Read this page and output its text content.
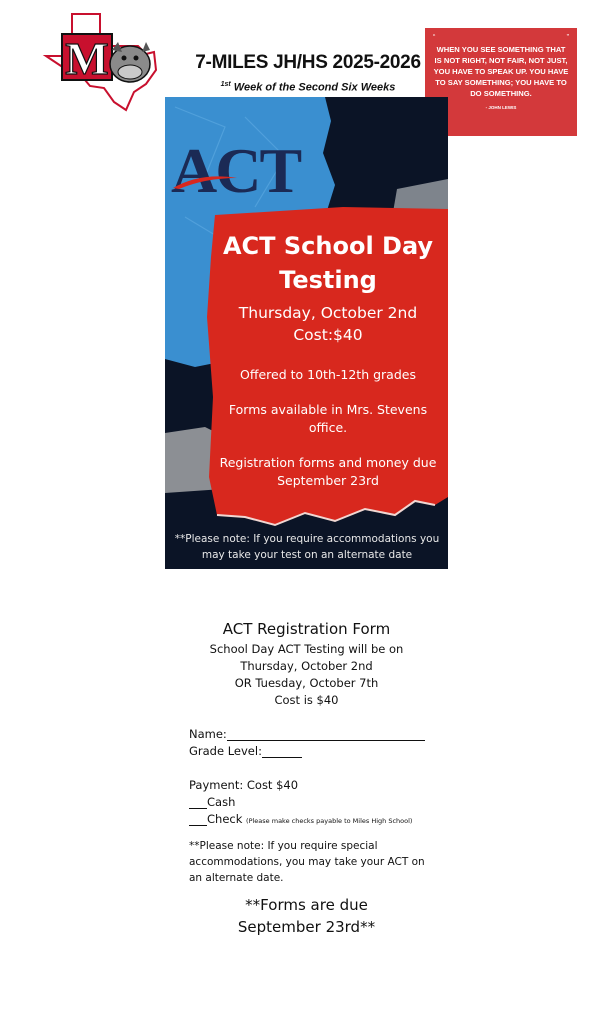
M	7-MILES JH/HS 2025-2026
$^{1st}$ Week of the Second Six Weeks
“	”
WHEN YOU SEE SOMETHING THAT IS NOT RIGHT, NOT FAIR, NOT JUST, YOU HAVE TO SPEAK UP. YOU HAVE TO SAY SOMETHING; YOU HAVE TO DO SOMETHING.
- JOHN LEWIS
ACT
ACT School Day Testing
Thursday, October 2nd
Cost:$40
Offered to 10th-12th grades
Forms available in Mrs. Stevens office.
Registration forms and money due September 23rd
**Please note: If you require accommodations you may take your test on an alternate date
ACT Registration Form
School Day ACT Testing will be on
Thursday, October 2nd
OR Tuesday, October 7th
Cost is $40
Name:
Grade Level:
Payment: Cost $40
Cash
Check (Please make checks payable to Miles High School)
**Please note: If you require special accommodations, you may take your ACT on an alternate date.
**Forms are due
September 23rd**
